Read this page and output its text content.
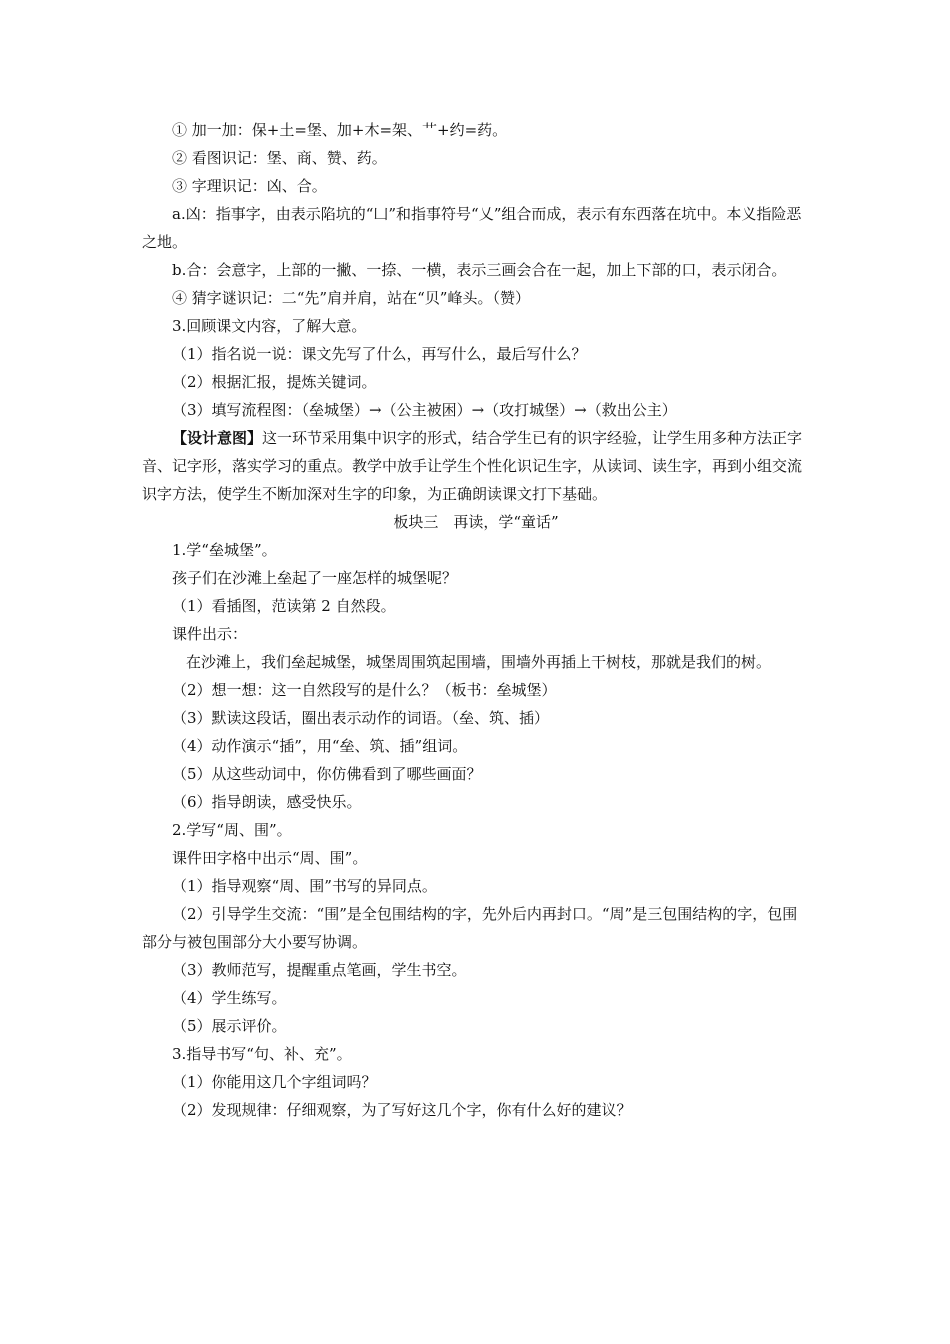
① 加一加：保+土=堡、加+木=架、艹+约=药。

② 看图识记：堡、商、赞、药。

③ 字理识记：凶、合。

a.凶：指事字，由表示陷坑的“凵”和指事符号“乂”组合而成，表示有东西落在坑中。本义指险恶之地。

b.合：会意字，上部的一撇、一捺、一横，表示三画会合在一起，加上下部的口，表示闭合。

④ 猜字谜识记：二“先”肩并肩，站在“贝”峰头。（赞）

3.回顾课文内容，了解大意。

（1）指名说一说：课文先写了什么，再写什么，最后写什么？

（2）根据汇报，提炼关键词。

（3）填写流程图：（垒城堡）→（公主被困）→（攻打城堡）→（救出公主）

【设计意图】这一环节采用集中识字的形式，结合学生已有的识字经验，让学生用多种方法正字音、记字形，落实学习的重点。教学中放手让学生个性化识记生字，从读词、读生字，再到小组交流识字方法，使学生不断加深对生字的印象，为正确朗读课文打下基础。

板块三　再读，学“童话”

1.学“垒城堡”。

孩子们在沙滩上垒起了一座怎样的城堡呢？

（1）看插图，范读第 2 自然段。

课件出示：

在沙滩上，我们垒起城堡，城堡周围筑起围墙，围墙外再插上干树枝，那就是我们的树。

（2）想一想：这一自然段写的是什么？（板书：垒城堡）

（3）默读这段话，圈出表示动作的词语。（垒、筑、插）

（4）动作演示“插”，用“垒、筑、插”组词。

（5）从这些动词中，你仿佛看到了哪些画面？

（6）指导朗读，感受快乐。

2.学写“周、围”。

课件田字格中出示“周、围”。

（1）指导观察“周、围”书写的异同点。

（2）引导学生交流：“围”是全包围结构的字，先外后内再封口。“周”是三包围结构的字，包围部分与被包围部分大小要写协调。

（3）教师范写，提醒重点笔画，学生书空。

（4）学生练写。

（5）展示评价。

3.指导书写“句、补、充”。

（1）你能用这几个字组词吗？

（2）发现规律：仔细观察，为了写好这几个字，你有什么好的建议？
